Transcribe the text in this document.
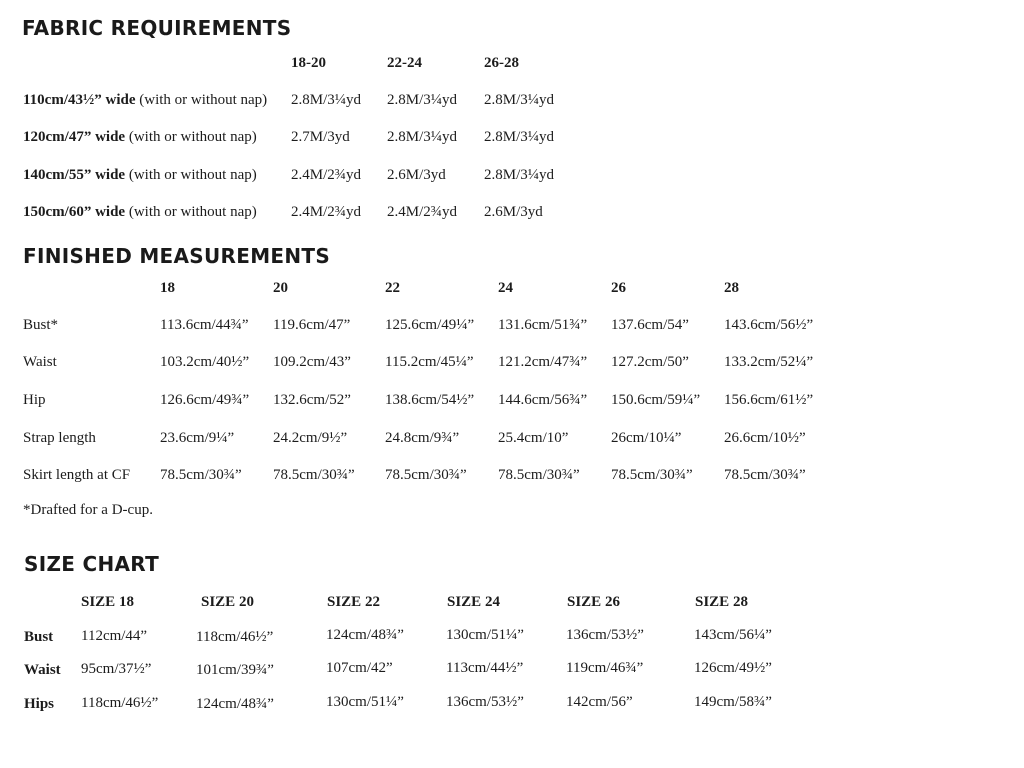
FABRIC REQUIREMENTS
18-20	22-24	26-28
110cm/43½” wide (with or without nap) 2.8M/3¼yd 2.8M/3¼yd 2.8M/3¼yd
120cm/47” wide (with or without nap) 2.7M/3yd 2.8M/3¼yd 2.8M/3¼yd
140cm/55” wide (with or without nap) 2.4M/2¾yd 2.6M/3yd	2.8M/3¼yd
150cm/60” wide (with or without nap) 2.4M/2¾yd 2.4M/2¾yd 2.6M/3yd
FINISHED MEASUREMENTS
18	20	22	24	26	28
Bust*	113.6cm/44¾” 119.6cm/47” 125.6cm/49¼” 131.6cm/51¾” 137.6cm/54” 143.6cm/56½”
Waist	103.2cm/40½” 109.2cm/43” 115.2cm/45¼” 121.2cm/47¾” 127.2cm/50” 133.2cm/52¼”
Hip	126.6cm/49¾” 132.6cm/52” 138.6cm/54½” 144.6cm/56¾” 150.6cm/59¼” 156.6cm/61½”
Strap length	23.6cm/9¼”	24.2cm/9½”	24.8cm/9¾”	25.4cm/10”	26cm/10¼”	26.6cm/10½”
Skirt length at CF 78.5cm/30¾” 78.5cm/30¾” 78.5cm/30¾” 78.5cm/30¾” 78.5cm/30¾” 78.5cm/30¾”
*Drafted for a D-cup.
SIZE CHART
SIZE 18	SIZE 20	SIZE 22	SIZE 24	SIZE 26	SIZE 28
Bust 112cm/44”	118cm/46½”	124cm/48¾”	130cm/51¼”	136cm/53½”	143cm/56¼”
Waist 95cm/37½”	101cm/39¾”	107cm/42”	113cm/44½”	119cm/46¾”	126cm/49½”
Hips 118cm/46½”	124cm/48¾”	130cm/51¼”	136cm/53½”	142cm/56”	149cm/58¾”
